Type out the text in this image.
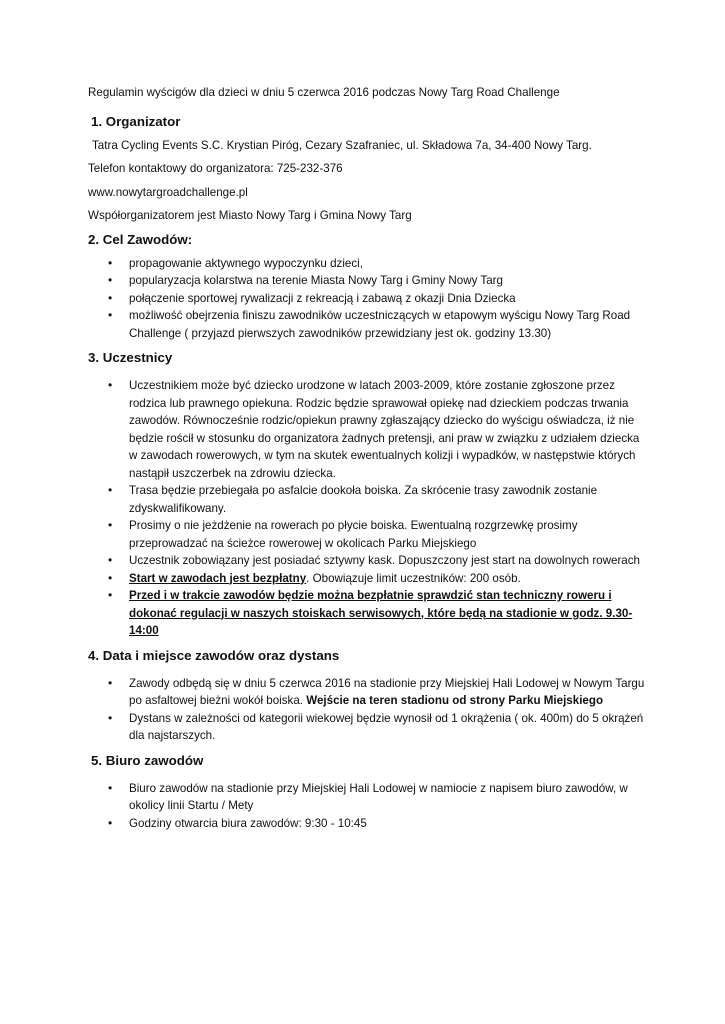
Regulamin wyścigów dla dzieci w dniu 5 czerwca 2016 podczas Nowy Targ Road Challenge

1. Organizator

Tatra Cycling Events S.C. Krystian Piróg, Cezary Szafraniec, ul. Składowa 7a, 34-400 Nowy Targ.

Telefon kontaktowy do organizatora: 725-232-376

www.nowytargroadchallenge.pl

Współorganizatorem jest Miasto Nowy Targ i Gmina Nowy Targ

2. Cel Zawodów:
• propagowanie aktywnego wypoczynku dzieci,
• popularyzacja kolarstwa na terenie Miasta Nowy Targ i Gminy Nowy Targ
• połączenie sportowej rywalizacji z rekreacją i zabawą z okazji Dnia Dziecka
• możliwość obejrzenia finiszu zawodników uczestniczących w etapowym wyścigu Nowy Targ Road Challenge ( przyjazd pierwszych zawodników przewidziany jest ok. godziny 13.30)
3. Uczestnicy
• Uczestnikiem może być dziecko urodzone w latach 2003-2009, które zostanie zgłoszone przez rodzica lub prawnego opiekuna. Rodzic będzie sprawował opiekę nad dzieckiem podczas trwania zawodów. Równocześnie rodzic/opiekun prawny zgłaszający dziecko do wyścigu oświadcza, iż nie będzie rościł w stosunku do organizatora żadnych pretensji, ani praw w związku z udziałem dziecka w zawodach rowerowych, w tym na skutek ewentualnych kolizji i wypadków, w następstwie których nastąpił uszczerbek na zdrowiu dziecka.
• Trasa będzie przebiegała po asfalcie dookoła boiska. Za skrócenie trasy zawodnik zostanie zdyskwalifikowany.
• Prosimy o nie jeżdżenie na rowerach po płycie boiska. Ewentualną rozgrzewkę prosimy przeprowadzać na ścieżce rowerowej w okolicach Parku Miejskiego
• Uczestnik zobowiązany jest posiadać sztywny kask. Dopuszczony jest start na dowolnych rowerach
• Start w zawodach jest bezpłatny. Obowiązuje limit uczestników: 200 osób.
• Przed i w trakcie zawodów będzie można bezpłatnie sprawdzić stan techniczny roweru i dokonać regulacji w naszych stoiskach serwisowych, które będą na stadionie w godz. 9.30-14:00
4. Data i miejsce zawodów oraz dystans
• Zawody odbędą się w dniu 5 czerwca 2016 na stadionie przy Miejskiej Hali Lodowej w Nowym Targu po asfaltowej bieżni wokół boiska. Wejście na teren stadionu od strony Parku Miejskiego
• Dystans w zależności od kategorii wiekowej będzie wynosił od 1 okrążenia ( ok. 400m) do 5 okrążeń dla najstarszych.
5. Biuro zawodów
• Biuro zawodów na stadionie przy Miejskiej Hali Lodowej w namiocie z napisem biuro zawodów, w okolicy linii Startu / Mety
• Godziny otwarcia biura zawodów: 9:30 - 10:45
